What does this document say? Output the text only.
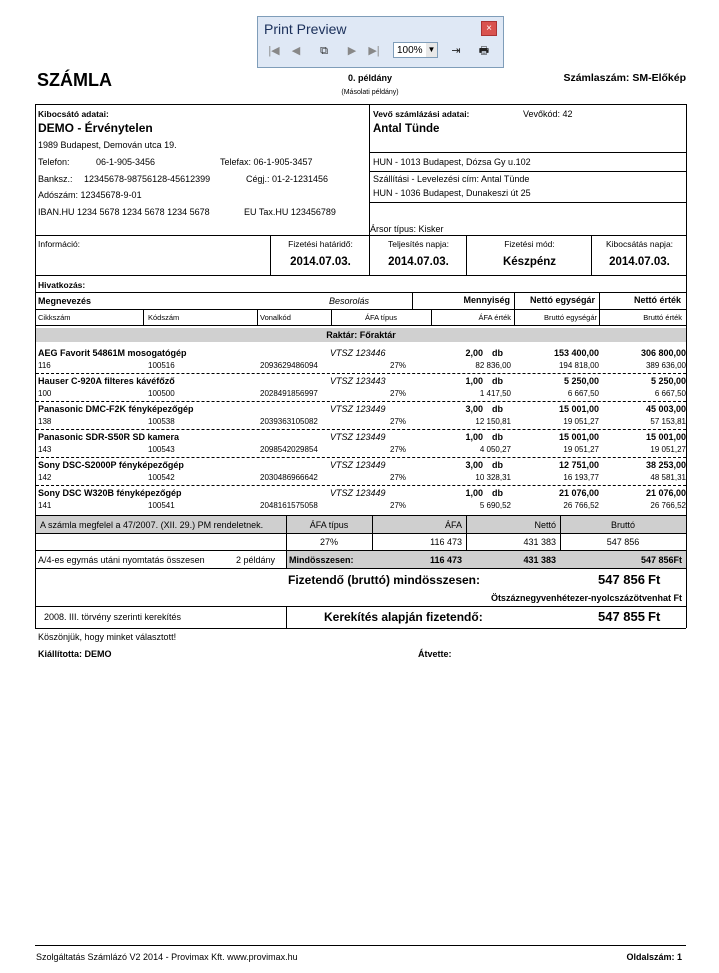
Print Preview	×
|◀	◀	⧉	▶	▶|	100% ▼	⇥	🖶
SZÁMLA	0. példány
(Másolati példány)
Számlaszám: SM-Előkép
Kibocsátó adatai:
DEMO - Érvénytelen
1989 Budapest, Demován utca 19.
Telefon:	06-1-905-3456	Telefax: 06-1-905-3457
Banksz.: 12345678-98756128-45612399	Cégj.: 01-2-1231456
Adószám: 12345678-9-01
IBAN.HU 1234 5678 1234 5678 1234 5678	EU Tax.HU 123456789
Vevő számlázási adatai:	Vevőkód: 42
Antal Tünde
HUN - 1013 Budapest, Dózsa Gy u.102
Szállítási - Levelezési cím: Antal Tünde
HUN - 1036 Budapest, Dunakeszi út 25
Ársor típus: Kisker
Információ:	Fizetési határidő:
2014.07.03.
Teljesítés napja:
2014.07.03.
Fizetési mód:
Készpénz
Kibocsátás napja:
2014.07.03.
Hivatkozás:
Megnevezés	Besorolás	Mennyiség	Nettó egységár	Nettó érték
Cikkszám	Kódszám	Vonalkód	ÁFA típus	ÁFA érték	Bruttó egységár	Bruttó érték
Raktár: Főraktár
AEG Favorit 54861M mosogatógép	VTSZ 123446	2,00 db	153 400,00	306 800,00
116	100516	2093629486094	27%	82 836,00	194 818,00	389 636,00
Hauser C-920A filteres kávéfőző	VTSZ 123443	1,00 db	5 250,00	5 250,00
100	100500	2028491856997	27%	1 417,50	6 667,50	6 667,50
Panasonic DMC-F2K fényképezőgép	VTSZ 123449	3,00 db	15 001,00	45 003,00
138	100538	2039363105082	27%	12 150,81	19 051,27	57 153,81
Panasonic SDR-S50R SD kamera	VTSZ 123449	1,00 db	15 001,00	15 001,00
143	100543	2098542029854	27%	4 050,27	19 051,27	19 051,27
Sony DSC-S2000P fényképezőgép	VTSZ 123449	3,00 db	12 751,00	38 253,00
142	100542	2030486966642	27%	10 328,31	16 193,77	48 581,31
Sony DSC W320B fényképezőgép	VTSZ 123449	1,00 db	21 076,00	21 076,00
141	100541	2048161575058	27%	5 690,52	26 766,52	26 766,52
A számla megfelel a 47/2007. (XII. 29.) PM rendeletnek.	ÁFA típus	ÁFA	Nettó	Bruttó
27%	116 473	431 383	547 856
A/4-es egymás utáni nyomtatás összesen	2 példány Mindösszesen:	116 473	431 383	547 856Ft
Fizetendő (bruttó) mindösszesen:	547 856 Ft
Ötszáznegyvenhétezer-nyolcszázötvenhat Ft
2008. III. törvény szerinti kerekítés	Kerekítés alapján fizetendő:	547 855 Ft
Köszönjük, hogy minket választott!
Kiállította: DEMO	Átvette:
Szolgáltatás Számlázó V2 2014 - Provimax Kft. www.provimax.hu	Oldalszám: 1
